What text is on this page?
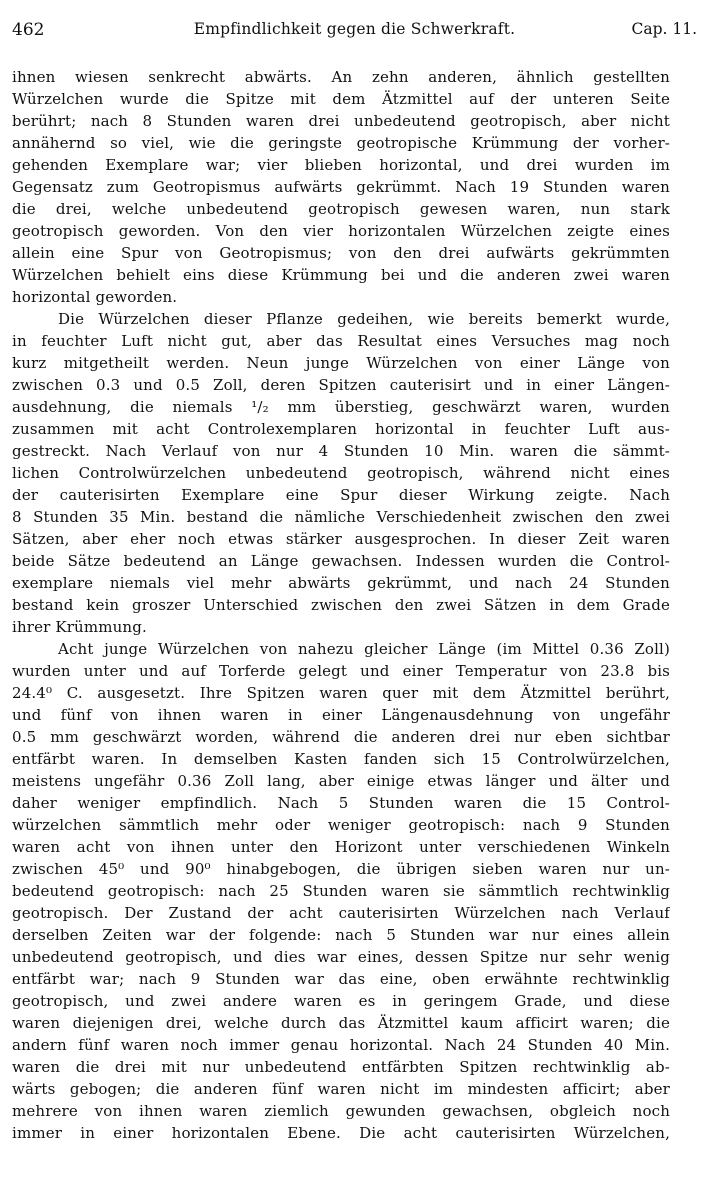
462	Empfindlichkeit gegen die Schwerkraft.	Cap. 11.
ihnen wiesen senkrecht abwärts. An zehn anderen, ähnlich gestellten
Würzelchen wurde die Spitze mit dem Ätzmittel auf der unteren Seite
berührt; nach 8 Stunden waren drei unbedeutend geotropisch, aber nicht
annähernd so viel, wie die geringste geotropische Krümmung der vorher-
gehenden Exemplare war; vier blieben horizontal, und drei wurden im
Gegensatz zum Geotropismus aufwärts gekrümmt. Nach 19 Stunden waren
die drei, welche unbedeutend geotropisch gewesen waren, nun stark
geotropisch geworden. Von den vier horizontalen Würzelchen zeigte eines
allein eine Spur von Geotropismus; von den drei aufwärts gekrümmten
Würzelchen behielt eins diese Krümmung bei und die anderen zwei waren
horizontal geworden.
Die Würzelchen dieser Pflanze gedeihen, wie bereits bemerkt wurde,
in feuchter Luft nicht gut, aber das Resultat eines Versuches mag noch
kurz mitgetheilt werden. Neun junge Würzelchen von einer Länge von
zwischen 0.3 und 0.5 Zoll, deren Spitzen cauterisirt und in einer Längen-
ausdehnung, die niemals ¹/₂ mm überstieg, geschwärzt waren, wurden
zusammen mit acht Controlexemplaren horizontal in feuchter Luft aus-
gestreckt. Nach Verlauf von nur 4 Stunden 10 Min. waren die sämmt-
lichen Controlwürzelchen unbedeutend geotropisch, während nicht eines
der cauterisirten Exemplare eine Spur dieser Wirkung zeigte. Nach
8 Stunden 35 Min. bestand die nämliche Verschiedenheit zwischen den zwei
Sätzen, aber eher noch etwas stärker ausgesprochen. In dieser Zeit waren
beide Sätze bedeutend an Länge gewachsen. Indessen wurden die Control-
exemplare niemals viel mehr abwärts gekrümmt, und nach 24 Stunden
bestand kein groszer Unterschied zwischen den zwei Sätzen in dem Grade
ihrer Krümmung.
Acht junge Würzelchen von nahezu gleicher Länge (im Mittel 0.36 Zoll)
wurden unter und auf Torferde gelegt und einer Temperatur von 23.8 bis
24.4⁰ C. ausgesetzt. Ihre Spitzen waren quer mit dem Ätzmittel berührt,
und fünf von ihnen waren in einer Längenausdehnung von ungefähr
0.5 mm geschwärzt worden, während die anderen drei nur eben sichtbar
entfärbt waren. In demselben Kasten fanden sich 15 Controlwürzelchen,
meistens ungefähr 0.36 Zoll lang, aber einige etwas länger und älter und
daher weniger empfindlich. Nach 5 Stunden waren die 15 Control-
würzelchen sämmtlich mehr oder weniger geotropisch: nach 9 Stunden
waren acht von ihnen unter den Horizont unter verschiedenen Winkeln
zwischen 45⁰ und 90⁰ hinabgebogen, die übrigen sieben waren nur un-
bedeutend geotropisch: nach 25 Stunden waren sie sämmtlich rechtwinklig
geotropisch. Der Zustand der acht cauterisirten Würzelchen nach Verlauf
derselben Zeiten war der folgende: nach 5 Stunden war nur eines allein
unbedeutend geotropisch, und dies war eines, dessen Spitze nur sehr wenig
entfärbt war; nach 9 Stunden war das eine, oben erwähnte rechtwinklig
geotropisch, und zwei andere waren es in geringem Grade, und diese
waren diejenigen drei, welche durch das Ätzmittel kaum afficirt waren; die
andern fünf waren noch immer genau horizontal. Nach 24 Stunden 40 Min.
waren die drei mit nur unbedeutend entfärbten Spitzen rechtwinklig ab-
wärts gebogen; die anderen fünf waren nicht im mindesten afficirt; aber
mehrere von ihnen waren ziemlich gewunden gewachsen, obgleich noch
immer in einer horizontalen Ebene. Die acht cauterisirten Würzelchen,
